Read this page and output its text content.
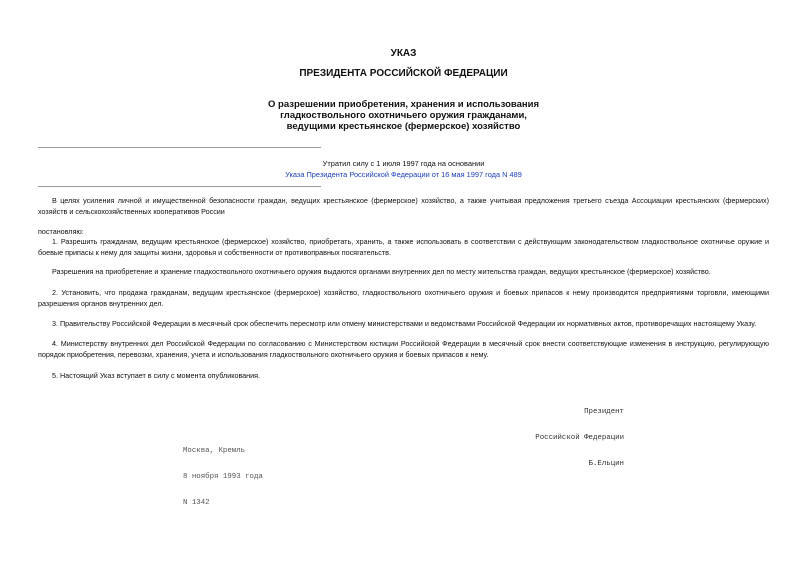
УКАЗ
ПРЕЗИДЕНТА РОССИЙСКОЙ ФЕДЕРАЦИИ
О разрешении приобретения, хранения и использования
гладкоствольного охотничьего оружия гражданами,
ведущими крестьянское (фермерское) хозяйство
Утратил силу с 1 июля 1997 года на основании
Указа Президента Российской Федерации от 16 мая 1997 года N 489
В целях усиления личной и имущественной безопасности граждан, ведущих крестьянское (фермерское) хозяйство, а также учитывая предложения третьего съезда Ассоциации крестьянских (фермерских) хозяйств и сельскохозяйственных кооперативов России
постановляю:
1. Разрешить гражданам, ведущим крестьянское (фермерское) хозяйство, приобретать, хранить, а также использовать в соответствии с действующим законодательством гладкоствольное охотничье оружие и боевые припасы к нему для защиты жизни, здоровья и собственности от противоправных посягательств.
Разрешения на приобретение и хранение гладкоствольного охотничьего оружия выдаются органами внутренних дел по месту жительства граждан, ведущих крестьянское (фермерское) хозяйство.
2. Установить, что продажа гражданам, ведущим крестьянское (фермерское) хозяйство, гладкоствольного охотничьего оружия и боевых припасов к нему производится предприятиями торговли, имеющими разрешения органов внутренних дел.
3. Правительству Российской Федерации в месячный срок обеспечить пересмотр или отмену министерствами и ведомствами Российской Федерации их нормативных актов, противоречащих настоящему Указу.
4. Министерству внутренних дел Российской Федерации по согласованию с Министерством юстиции Российской Федерации в месячный срок внести соответствующие изменения в инструкцию, регулирующую порядок приобретения, перевозки, хранения, учета и использования гладкоствольного охотничьего оружия и боевых припасов к нему.
5. Настоящий Указ вступает в силу с момента опубликования.

Президент

Российской Федерации

Б.Ельцин

Москва, Кремль

8 ноября 1993 года

N 1342
